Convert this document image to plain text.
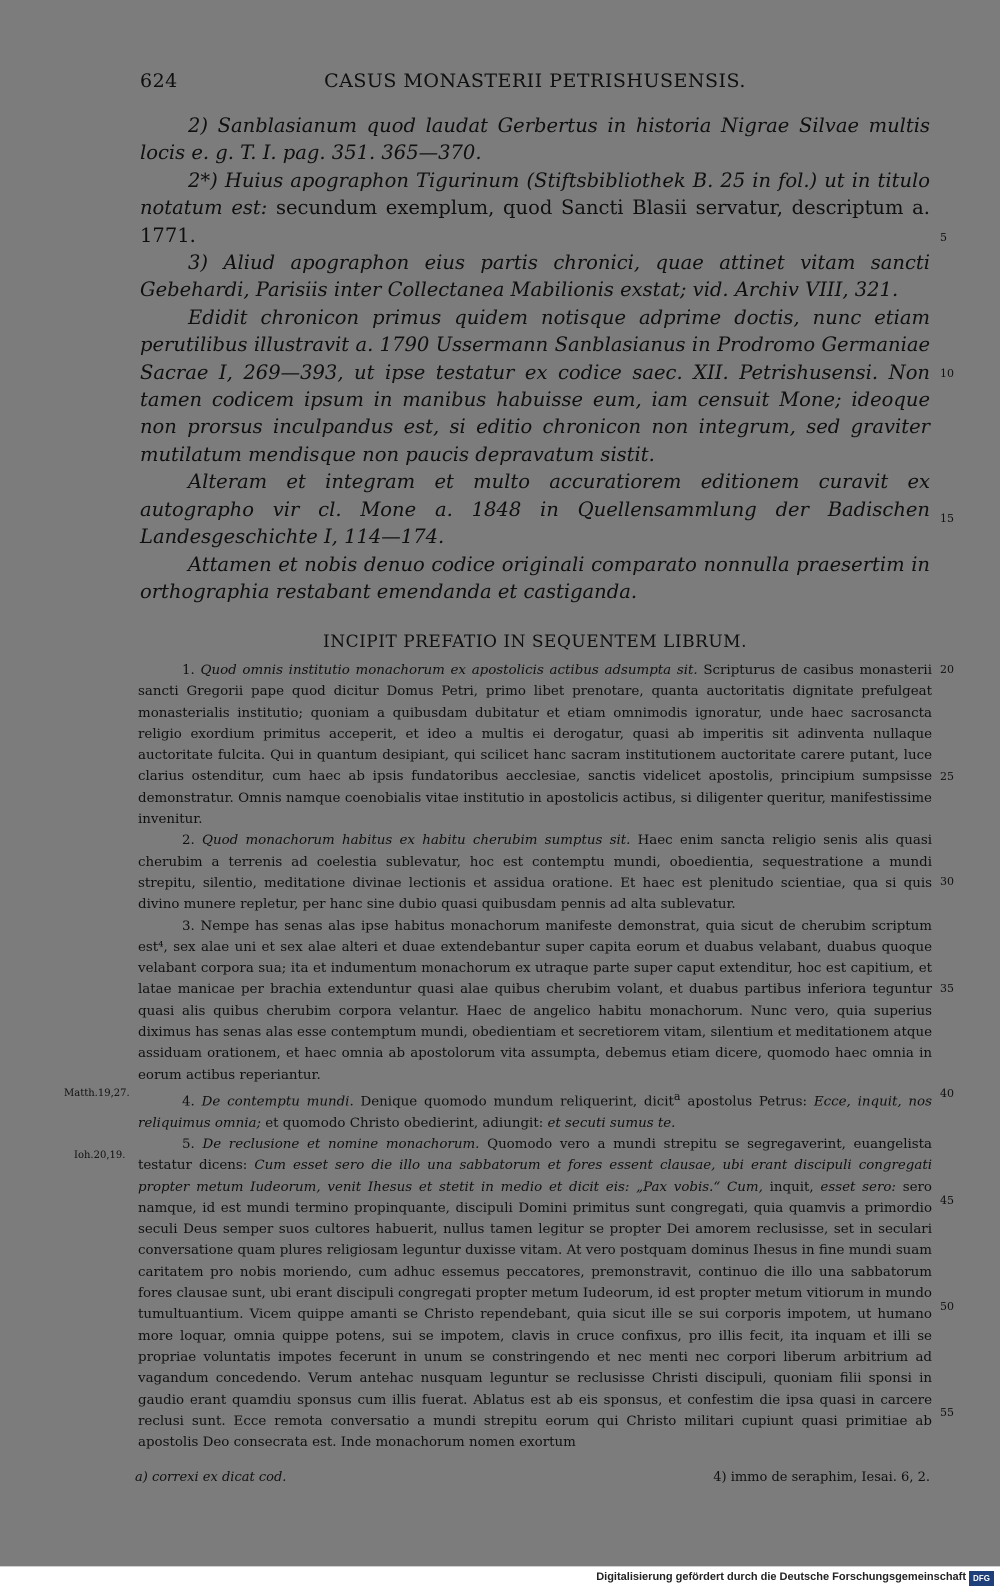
624	CASUS MONASTERII PETRISHUSENSIS.

2) Sanblasianum quod laudat Gerbertus in historia Nigrae Silvae multis locis e. g. T. I. pag. 351. 365—370.

2*) Huius apographon Tigurinum (Stiftsbibliothek B. 25 in fol.) ut in titulo notatum est: secundum exemplum, quod Sancti Blasii servatur, descriptum a. 1771.

3) Aliud apographon eius partis chronici, quae attinet vitam sancti Gebehardi, Parisiis inter Collectanea Mabilionis exstat; vid. Archiv VIII, 321.

Edidit chronicon primus quidem notisque adprime doctis, nunc etiam perutilibus illustravit a. 1790 Ussermann Sanblasianus in Prodromo Germaniae Sacrae I, 269—393, ut ipse testatur ex codice saec. XII. Petrishusensi. Non tamen codicem ipsum in manibus habuisse eum, iam censuit Mone; ideoque non prorsus inculpandus est, si editio chronicon non integrum, sed graviter mutilatum mendisque non paucis depravatum sistit.

Alteram et integram et multo accuratiorem editionem curavit ex autographo vir cl. Mone a. 1848 in Quellensammlung der Badischen Landesgeschichte I, 114—174.

Attamen et nobis denuo codice originali comparato nonnulla praesertim in orthographia restabant emendanda et castiganda.

5
10
15
20
25
30
35
40
45
50
55
INCIPIT PREFATIO IN SEQUENTEM LIBRUM.

1. Quod omnis institutio monachorum ex apostolicis actibus adsumpta sit. Scripturus de casibus monasterii sancti Gregorii pape quod dicitur Domus Petri, primo libet prenotare, quanta auctoritatis dignitate prefulgeat monasterialis institutio; quoniam a quibusdam dubitatur et etiam omnimodis ignoratur, unde haec sacrosancta religio exordium primitus acceperit, et ideo a multis ei derogatur, quasi ab imperitis sit adinventa nullaque auctoritate fulcita. Qui in quantum desipiant, qui scilicet hanc sacram institutionem auctoritate carere putant, luce clarius ostenditur, cum haec ab ipsis fundatoribus aecclesiae, sanctis videlicet apostolis, principium sumpsisse demonstratur. Omnis namque coenobialis vitae institutio in apostolicis actibus, si diligenter queritur, manifestissime invenitur.

2. Quod monachorum habitus ex habitu cherubim sumptus sit. Haec enim sancta religio senis alis quasi cherubim a terrenis ad coelestia sublevatur, hoc est contemptu mundi, oboedientia, sequestratione a mundi strepitu, silentio, meditatione divinae lectionis et assidua oratione. Et haec est plenitudo scientiae, qua si quis divino munere repletur, per hanc sine dubio quasi quibusdam pennis ad alta sublevatur.

3. Nempe has senas alas ipse habitus monachorum manifeste demonstrat, quia sicut de cherubim scriptum est⁴, sex alae uni et sex alae alteri et duae extendebantur super capita eorum et duabus velabant, duabus quoque velabant corpora sua; ita et indumentum monachorum ex utraque parte super caput extenditur, hoc est capitium, et latae manicae per brachia extenduntur quasi alae quibus cherubim volant, et duabus partibus inferiora teguntur quasi alis quibus cherubim corpora velantur. Haec de angelico habitu monachorum. Nunc vero, quia superius diximus has senas alas esse contemptum mundi, obedientiam et secretiorem vitam, silentium et meditationem atque assiduam orationem, et haec omnia ab apostolorum vita assumpta, debemus etiam dicere, quomodo haec omnia in eorum actibus reperiantur.

4. De contemptu mundi. Denique quomodo mundum reliquerint, dicit$^a$ apostolus Petrus: Ecce, inquit, nos reliquimus omnia; et quomodo Christo obedierint, adiungit: et secuti sumus te.

5. De reclusione et nomine monachorum. Quomodo vero a mundi strepitu se segregaverint, euangelista testatur dicens: Cum esset sero die illo una sabbatorum et fores essent clausae, ubi erant discipuli congregati propter metum Iudeorum, venit Ihesus et stetit in medio et dicit eis: „Pax vobis.“ Cum, inquit, esset sero: sero namque, id est mundi termino propinquante, discipuli Domini primitus sunt congregati, quia quamvis a primordio seculi Deus semper suos cultores habuerit, nullus tamen legitur se propter Dei amorem reclusisse, set in seculari conversatione quam plures religiosam leguntur duxisse vitam. At vero postquam dominus Ihesus in fine mundi suam caritatem pro nobis moriendo, cum adhuc essemus peccatores, premonstravit, continuo die illo una sabbatorum fores clausae sunt, ubi erant discipuli congregati propter metum Iudeorum, id est propter metum vitiorum in mundo tumultuantium. Vicem quippe amanti se Christo rependebant, quia sicut ille se sui corporis impotem, ut humano more loquar, omnia quippe potens, sui se impotem, clavis in cruce confixus, pro illis fecit, ita inquam et illi se propriae voluntatis impotes fecerunt in unum se constringendo et nec menti nec corpori liberum arbitrium ad vagandum concedendo. Verum antehac nusquam leguntur se reclusisse Christi discipuli, quoniam filii sponsi in gaudio erant quamdiu sponsus cum illis fuerat. Ablatus est ab eis sponsus, et confestim die ipsa quasi in carcere reclusi sunt. Ecce remota conversatio a mundi strepitu eorum qui Christo militari cupiunt quasi primitiae ab apostolis Deo consecrata est. Inde monachorum nomen exortum

Matth.19,27.
Ioh.20,19.
a) correxi ex dicat cod.	4) immo de seraphim, Iesai. 6, 2.
Digitalisierung gefördert durch die Deutsche Forschungsgemeinschaft DFG
